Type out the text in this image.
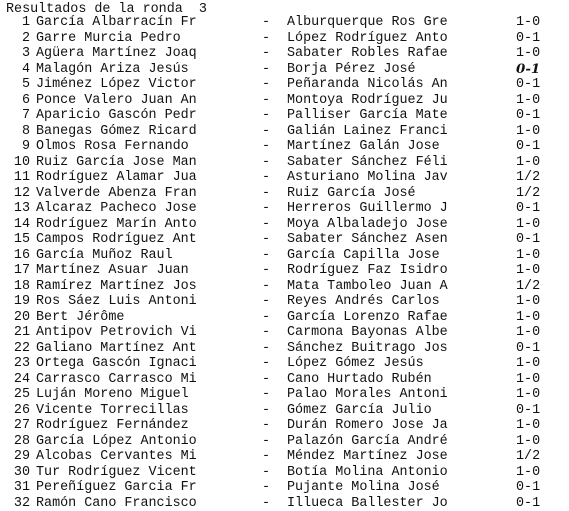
Resultados de la ronda  3
1 García Albarracín Fr	- Alburquerque Ros Gre	1-0
2 Garre Murcia Pedro	- López Rodríguez Anto	0-1
3 Agüera Martínez Joaq	- Sabater Robles Rafae	1-0
4 Malagón Ariza Jesús	- Borja Pérez José	0-1
5 Jiménez López Victor	- Peñaranda Nicolás An	0-1
6 Ponce Valero Juan An	- Montoya Rodríguez Ju	1-0
7 Aparicio Gascón Pedr	- Palliser García Mate	0-1
8 Banegas Gómez Ricard	- Galián Lainez Franci	1-0
9 Olmos Rosa Fernando	- Martínez Galán Jose	0-1
10 Ruiz García Jose Man	- Sabater Sánchez Féli	1-0
11 Rodríguez Alamar Jua	- Asturiano Molina Jav	1/2
12 Valverde Abenza Fran	- Ruiz García José	1/2
13 Alcaraz Pacheco Jose	- Herreros Guillermo J	0-1
14 Rodríguez Marín Anto	- Moya Albaladejo Jose	1-0
15 Campos Rodríguez Ant	- Sabater Sánchez Asen	0-1
16 García Muñoz Raul	- García Capilla Jose	1-0
17 Martínez Asuar Juan	- Rodríguez Faz Isidro	1-0
18 Ramírez Martínez Jos	- Mata Tamboleo Juan A	1/2
19 Ros Sáez Luis Antoni	- Reyes Andrés Carlos	1-0
20 Bert Jérôme	- García Lorenzo Rafae	1-0
21 Antipov Petrovich Vi	- Carmona Bayonas Albe	1-0
22 Galiano Martínez Ant	- Sánchez Buitrago Jos	0-1
23 Ortega Gascón Ignaci	- López Gómez Jesús	1-0
24 Carrasco Carrasco Mi	- Cano Hurtado Rubén	1-0
25 Luján Moreno Miguel	- Palao Morales Antoni	1-0
26 Vicente Torrecillas	- Gómez García Julio	0-1
27 Rodríguez Fernández	- Durán Romero Jose Ja	1-0
28 García López Antonio	- Palazón García André	1-0
29 Alcobas Cervantes Mi	- Méndez Martínez Jose	1/2
30 Tur Rodríguez Vicent	- Botía Molina Antonio	1-0
31 Pereñíguez Garcia Fr	- Pujante Molina José	0-1
32 Ramón Cano Francisco	- Illueca Ballester Jo	0-1
